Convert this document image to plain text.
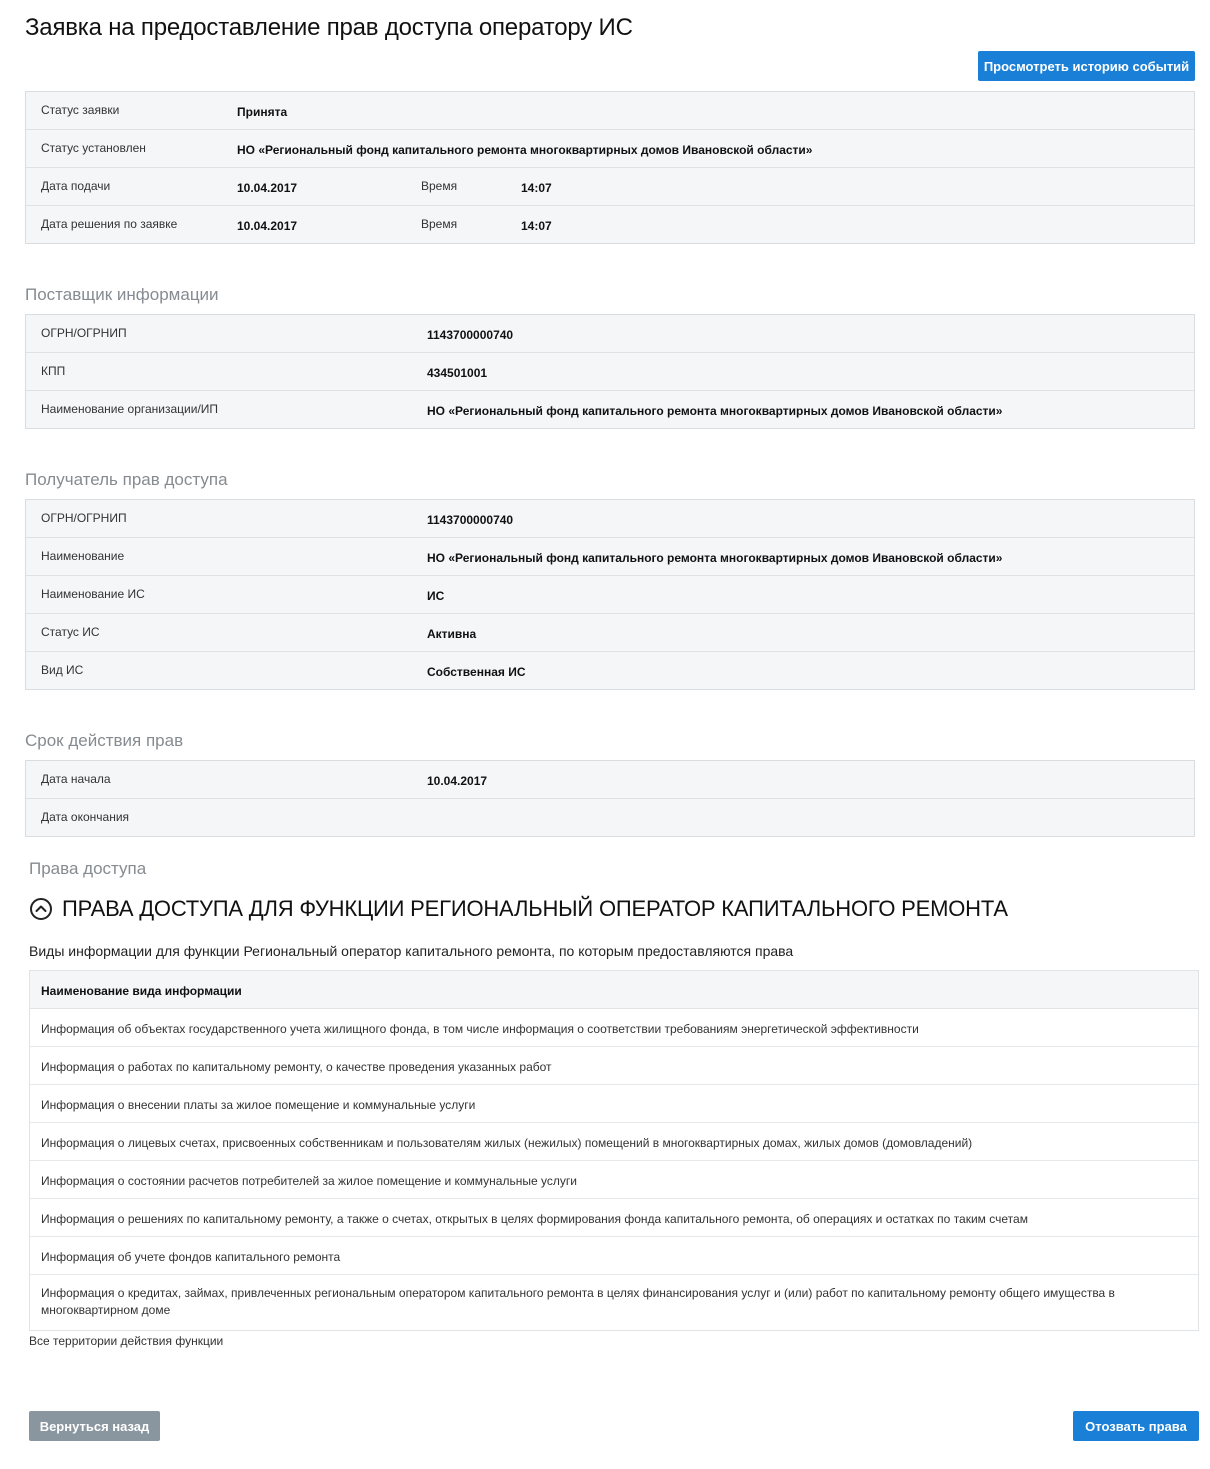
Заявка на предоставление прав доступа оператору ИС
Просмотреть историю событий
Статус заявки	Принята
Статус установлен	НО «Региональный фонд капитального ремонта многоквартирных домов Ивановской области»
Дата подачи	10.04.2017	Время	14:07
Дата решения по заявке	10.04.2017	Время	14:07
Поставщик информации
ОГРН/ОГРНИП	1143700000740
КПП	434501001
Наименование организации/ИП	НО «Региональный фонд капитального ремонта многоквартирных домов Ивановской области»
Получатель прав доступа
ОГРН/ОГРНИП	1143700000740
Наименование	НО «Региональный фонд капитального ремонта многоквартирных домов Ивановской области»
Наименование ИС	ИС
Статус ИС	Активна
Вид ИС	Собственная ИС
Срок действия прав
Дата начала	10.04.2017
Дата окончания
Права доступа
ПРАВА ДОСТУПА ДЛЯ ФУНКЦИИ РЕГИОНАЛЬНЫЙ ОПЕРАТОР КАПИТАЛЬНОГО РЕМОНТА
Виды информации для функции Региональный оператор капитального ремонта, по которым предоставляются права
Наименование вида информации
Информация об объектах государственного учета жилищного фонда, в том числе информация о соответствии требованиям энергетической эффективности
Информация о работах по капитальному ремонту, о качестве проведения указанных работ
Информация о внесении платы за жилое помещение и коммунальные услуги
Информация о лицевых счетах, присвоенных собственникам и пользователям жилых (нежилых) помещений в многоквартирных домах, жилых домов (домовладений)
Информация о состоянии расчетов потребителей за жилое помещение и коммунальные услуги
Информация о решениях по капитальному ремонту, а также о счетах, открытых в целях формирования фонда капитального ремонта, об операциях и остатках по таким счетам
Информация об учете фондов капитального ремонта
Информация о кредитах, займах, привлеченных региональным оператором капитального ремонта в целях финансирования услуг и (или) работ по капитальному ремонту общего имущества в многоквартирном доме
Все территории действия функции
Вернуться назад	Отозвать права
